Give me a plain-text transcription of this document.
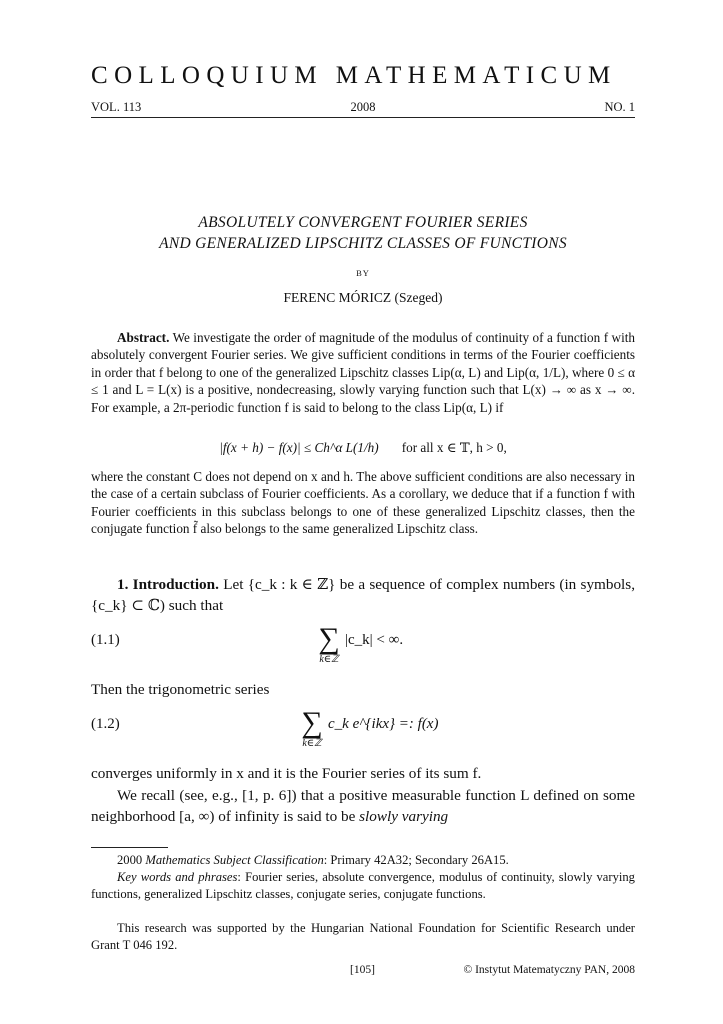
COLLOQUIUM MATHEMATICUM
VOL. 113	2008	NO. 1
ABSOLUTELY CONVERGENT FOURIER SERIES
AND GENERALIZED LIPSCHITZ CLASSES OF FUNCTIONS
BY
FERENC MÓRICZ (Szeged)
Abstract. We investigate the order of magnitude of the modulus of continuity of a function f with absolutely convergent Fourier series. We give sufficient conditions in terms of the Fourier coefficients in order that f belong to one of the generalized Lipschitz classes Lip(α, L) and Lip(α, 1/L), where 0 ≤ α ≤ 1 and L = L(x) is a positive, nondecreasing, slowly varying function such that L(x) → ∞ as x → ∞. For example, a 2π-periodic function f is said to belong to the class Lip(α, L) if
|f(x + h) − f(x)| ≤ Ch^α L(1/h) for all x ∈ 𝕋, h > 0,
where the constant C does not depend on x and h. The above sufficient conditions are also necessary in the case of a certain subclass of Fourier coefficients. As a corollary, we deduce that if a function f with Fourier coefficients in this subclass belongs to one of these generalized Lipschitz classes, then the conjugate function f̃ also belongs to the same generalized Lipschitz class.
1. Introduction. Let {c_k : k ∈ ℤ} be a sequence of complex numbers (in symbols, {c_k} ⊂ ℂ) such that
(1.1)	∑
k∈ℤ
|c_k| < ∞.
Then the trigonometric series
(1.2)	∑
k∈ℤ
c_k e^{ikx} =: f(x)
converges uniformly in x and it is the Fourier series of its sum f.
We recall (see, e.g., [1, p. 6]) that a positive measurable function L defined on some neighborhood [a, ∞) of infinity is said to be slowly varying
2000 Mathematics Subject Classification: Primary 42A32; Secondary 26A15.
Key words and phrases: Fourier series, absolute convergence, modulus of continuity, slowly varying functions, generalized Lipschitz classes, conjugate series, conjugate functions.
This research was supported by the Hungarian National Foundation for Scientific Research under Grant T 046 192.
[105]	© Instytut Matematyczny PAN, 2008
